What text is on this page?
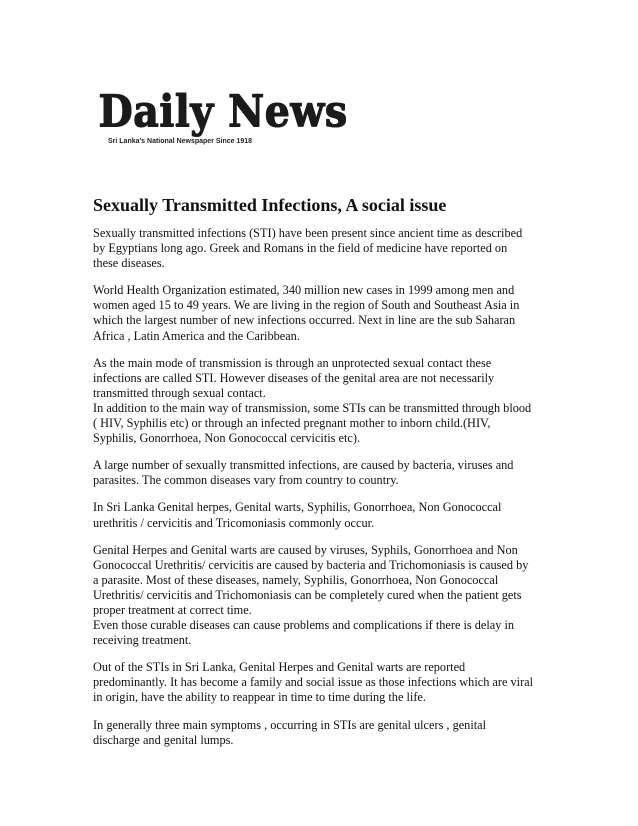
Daily News
Sri Lanka's National Newspaper Since 1918
Sexually Transmitted Infections, A social issue

Sexually transmitted infections (STI) have been present since ancient time as described
by Egyptians long ago. Greek and Romans in the field of medicine have reported on
these diseases.

World Health Organization estimated, 340 million new cases in 1999 among men and
women aged 15 to 49 years. We are living in the region of South and Southeast Asia in
which the largest number of new infections occurred. Next in line are the sub Saharan
Africa , Latin America and the Caribbean.

As the main mode of transmission is through an unprotected sexual contact these
infections are called STI. However diseases of the genital area are not necessarily
transmitted through sexual contact.
In addition to the main way of transmission, some STIs can be transmitted through blood
( HIV, Syphilis etc) or through an infected pregnant mother to inborn child.(HIV,
Syphilis, Gonorrhoea, Non Gonococcal cervicitis etc).

A large number of sexually transmitted infections, are caused by bacteria, viruses and
parasites. The common diseases vary from country to country.

In Sri Lanka Genital herpes, Genital warts, Syphilis, Gonorrhoea, Non Gonococcal
urethritis / cervicitis and Tricomoniasis commonly occur.

Genital Herpes and Genital warts are caused by viruses, Syphils, Gonorrhoea and Non
Gonococcal Urethritis/ cervicitis are caused by bacteria and Trichomoniasis is caused by
a parasite. Most of these diseases, namely, Syphilis, Gonorrhoea, Non Gonococcal
Urethritis/ cervicitis and Trichomoniasis can be completely cured when the patient gets
proper treatment at correct time.
Even those curable diseases can cause problems and complications if there is delay in
receiving treatment.

Out of the STIs in Sri Lanka, Genital Herpes and Genital warts are reported
predominantly. It has become a family and social issue as those infections which are viral
in origin, have the ability to reappear in time to time during the life.

In generally three main symptoms , occurring in STIs are genital ulcers , genital
discharge and genital lumps.
